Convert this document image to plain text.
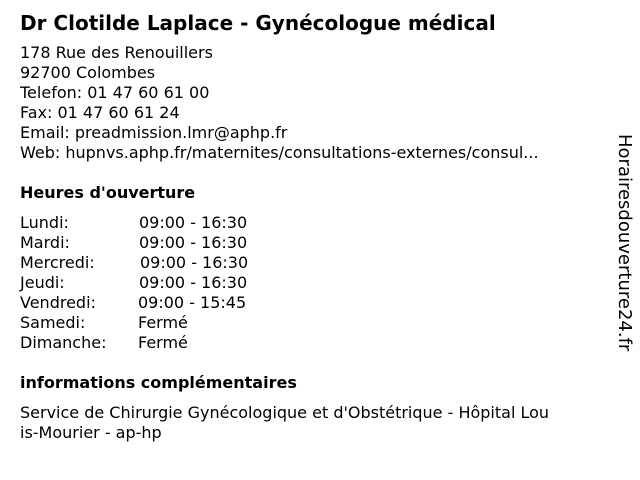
Dr Clotilde Laplace - Gynécologue médical
178 Rue des Renouillers
92700 Colombes
Telefon: 01 47 60 61 00
Fax: 01 47 60 61 24
Email: preadmission.lmr@aphp.fr
Web: hupnvs.aphp.fr/maternites/consultations-externes/consul...
Heures d'ouverture
Lundi:	09:00 - 16:30
Mardi:	09:00 - 16:30
Mercredi:	09:00 - 16:30
Jeudi:	09:00 - 16:30
Vendredi:	09:00 - 15:45
Samedi:	Fermé
Dimanche: Fermé
informations complémentaires
Service de Chirurgie Gynécologique et d'Obstétrique - Hôpital Lou
is-Mourier - ap-hp
Horairesdouverture24.fr
